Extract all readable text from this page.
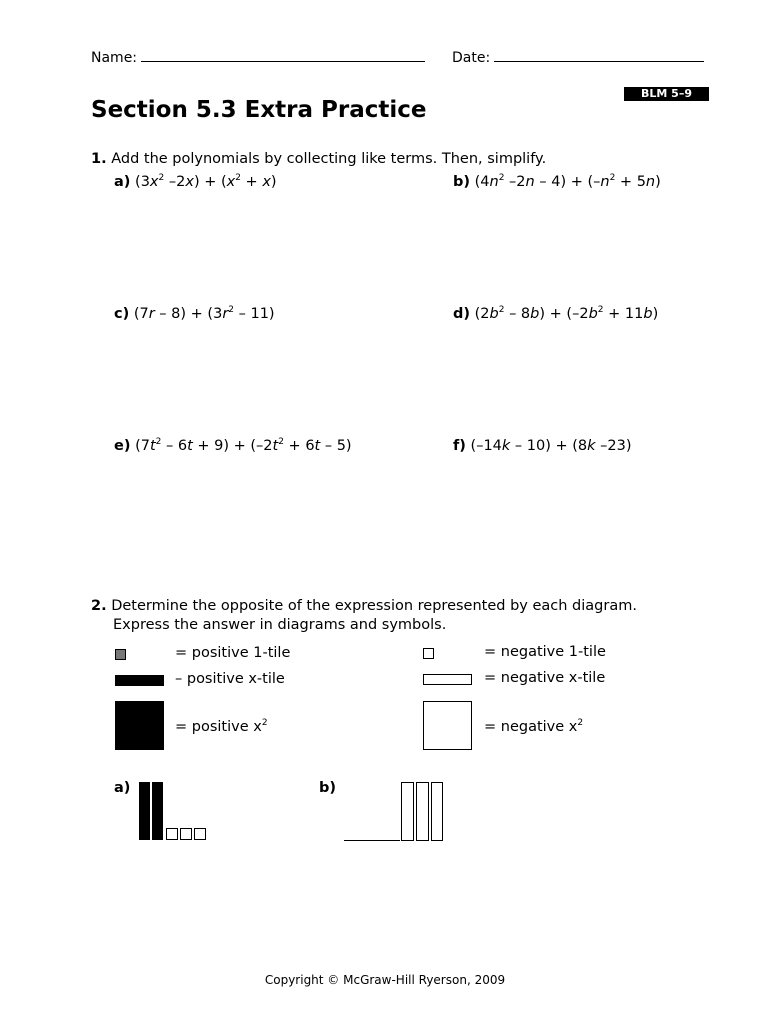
Name:	Date:
BLM 5–9
Section 5.3 Extra Practice
1. Add the polynomials by collecting like terms. Then, simplify.
a) ($3x^2$ $-2x) + (x^2 + x)$	b) ($4n^2$ $-2n - 4) + (-n^2 + 5n)$
c) $(7r - 8) + (3r^2 - 11)$	d) $(2b^2 - 8b) + (-2b^2 + 11b)$
e) $(7t^2 - 6t + 9) + (-2t^2 + 6t - 5)$	f) (–14k – 10) + (8k –23)
2. Determine the opposite of the expression represented by each diagram.
Express the answer in diagrams and symbols.
= positive 1-tile	= negative 1-tile
– positive x-tile	= negative x-tile
= positive $x^2$	= negative $x^2$
a)	b)
Copyright © McGraw-Hill Ryerson, 2009
